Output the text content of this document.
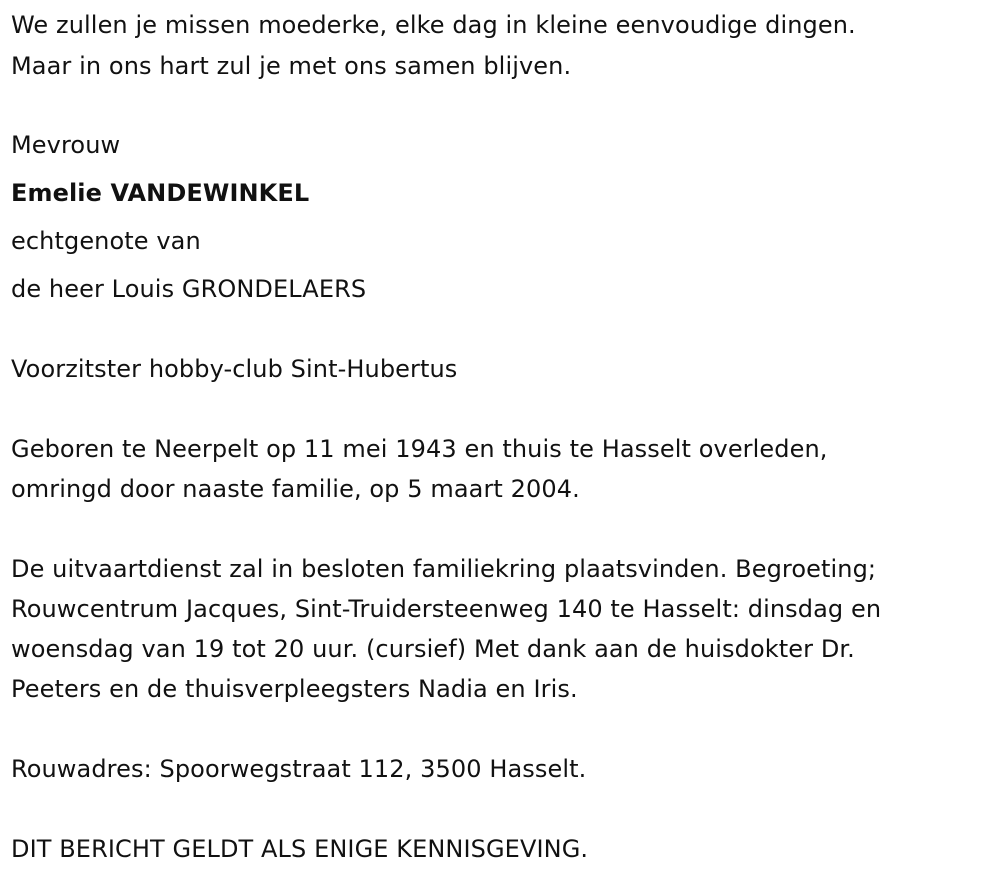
We zullen je missen moederke, elke dag in kleine eenvoudige dingen.
Maar in ons hart zul je met ons samen blijven.
Mevrouw
Emelie VANDEWINKEL
echtgenote van
de heer Louis GRONDELAERS
Voorzitster hobby-club Sint-Hubertus
Geboren te Neerpelt op 11 mei 1943 en thuis te Hasselt overleden,
omringd door naaste familie, op 5 maart 2004.
De uitvaartdienst zal in besloten familiekring plaatsvinden. Begroeting;
Rouwcentrum Jacques, Sint-Truidersteenweg 140 te Hasselt: dinsdag en
woensdag van 19 tot 20 uur. (cursief) Met dank aan de huisdokter Dr.
Peeters en de thuisverpleegsters Nadia en Iris.
Rouwadres: Spoorwegstraat 112, 3500 Hasselt.
DIT BERICHT GELDT ALS ENIGE KENNISGEVING.
